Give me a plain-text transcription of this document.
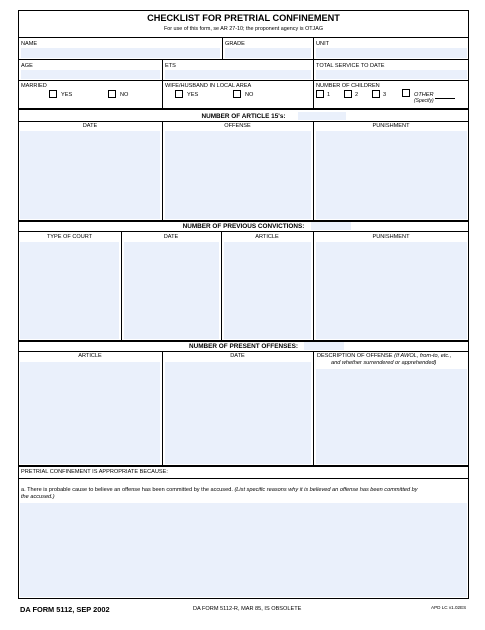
CHECKLIST FOR PRETRIAL CONFINEMENT
For use of this form, se AR 27-10; the proponent agency is OTJAG
NAME	GRADE	UNIT
AGE	ETS	TOTAL SERVICE TO DATE
MARRIED
YES	NO
WIFE/HUSBAND IN LOCAL AREA
YES	NO
NUMBER OF CHILDREN
1	2	3	OTHER
(Specify)
NUMBER OF ARTICLE 15's:
DATE	OFFENSE	PUNISHMENT
NUMBER OF PREVIOUS CONVICTIONS:
TYPE OF COURT	DATE	ARTICLE	PUNISHMENT
NUMBER OF PRESENT OFFENSES:
ARTICLE	DATE	DESCRIPTION OF OFFENSE (If AWOL, from-to, etc.,
and whether surrendered or apprehended)
PRETRIAL CONFINEMENT IS APPROPRIATE BECAUSE:
a. There is probable cause to believe an offense has been committed by the accused. (List specific reasons why it is believed an offense has been committed by
the accused.)
DA FORM 5112, SEP 2002	DA FORM 5112-R, MAR 85, IS OBSOLETE	APD LC v1.02ES
